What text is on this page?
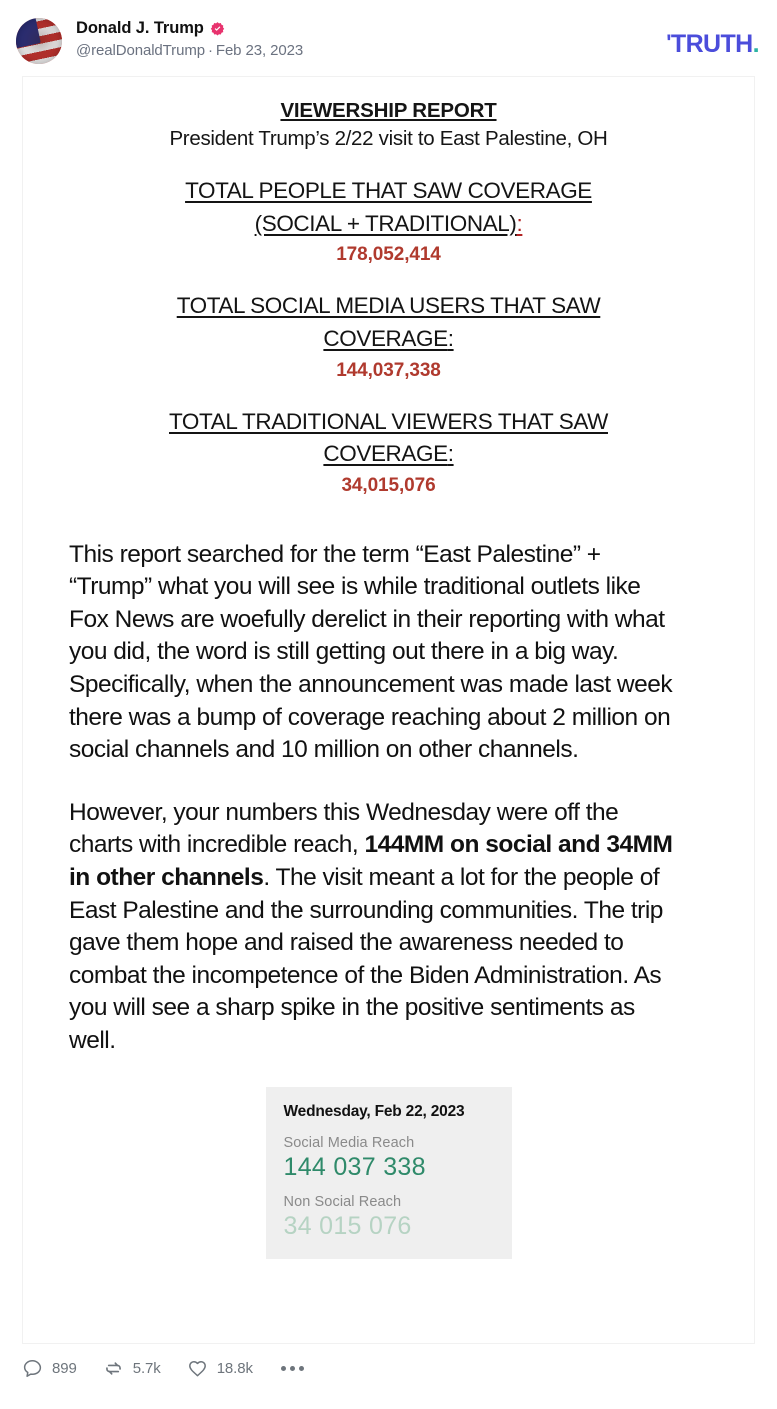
Donald J. Trump
@realDonaldTrump · Feb 23, 2023	'TRUTH.
VIEWERSHIP REPORT
President Trump’s 2/22 visit to East Palestine, OH
TOTAL PEOPLE THAT SAW COVERAGE
(SOCIAL + TRADITIONAL):
178,052,414
TOTAL SOCIAL MEDIA USERS THAT SAW
COVERAGE:
144,037,338
TOTAL TRADITIONAL VIEWERS THAT SAW
COVERAGE:
34,015,076

This report searched for the term “East Palestine” + “Trump” what you will see is while traditional outlets like Fox News are woefully derelict in their reporting with what you did, the word is still getting out there in a big way. Specifically, when the announcement was made last week there was a bump of coverage reaching about 2 million on social channels and 10 million on other channels.

However, your numbers this Wednesday were off the charts with incredible reach, 144MM on social and 34MM in other channels. The visit meant a lot for the people of East Palestine and the surrounding communities. The trip gave them hope and raised the awareness needed to combat the incompetence of the Biden Administration. As you will see a sharp spike in the positive sentiments as well.

Wednesday, Feb 22, 2023
Social Media Reach
144 037 338
Non Social Reach
34 015 076
899	5.7k	18.8k
